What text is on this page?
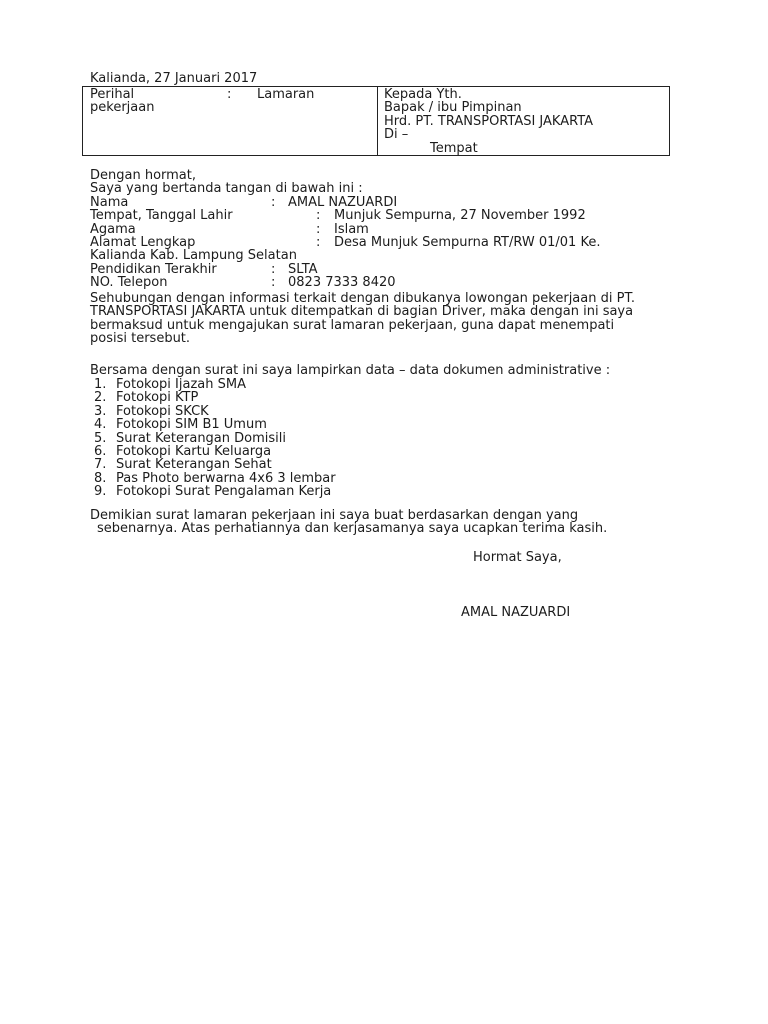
Kalianda, 27 Januari 2017
Perihal	: Lamaran
pekerjaan
Kepada Yth.
Bapak / ibu Pimpinan
Hrd. PT. TRANSPORTASI JAKARTA
Di –
Tempat
Dengan hormat,
Saya yang bertanda tangan di bawah ini :
Nama	: AMAL NAZUARDI
Tempat, Tanggal Lahir	: Munjuk Sempurna, 27 November 1992
Agama	: Islam
Alamat Lengkap	: Desa Munjuk Sempurna RT/RW 01/01 Ke.
Kalianda Kab. Lampung Selatan
Pendidikan Terakhir	: SLTA
NO. Telepon	: 0823 7333 8420
Sehubungan dengan informasi terkait dengan dibukanya lowongan pekerjaan di PT.
TRANSPORTASI JAKARTA untuk ditempatkan di bagian Driver, maka dengan ini saya
bermaksud untuk mengajukan surat lamaran pekerjaan, guna dapat menempati
posisi tersebut.
Bersama dengan surat ini saya lampirkan data – data dokumen administrative :
1. Fotokopi Ijazah SMA
2. Fotokopi KTP
3. Fotokopi SKCK
4. Fotokopi SIM B1 Umum
5. Surat Keterangan Domisili
6. Fotokopi Kartu Keluarga
7. Surat Keterangan Sehat
8. Pas Photo berwarna 4x6 3 lembar
9. Fotokopi Surat Pengalaman Kerja
Demikian surat lamaran pekerjaan ini saya buat berdasarkan dengan yang
sebenarnya. Atas perhatiannya dan kerjasamanya saya ucapkan terima kasih.
Hormat Saya,
AMAL NAZUARDI
